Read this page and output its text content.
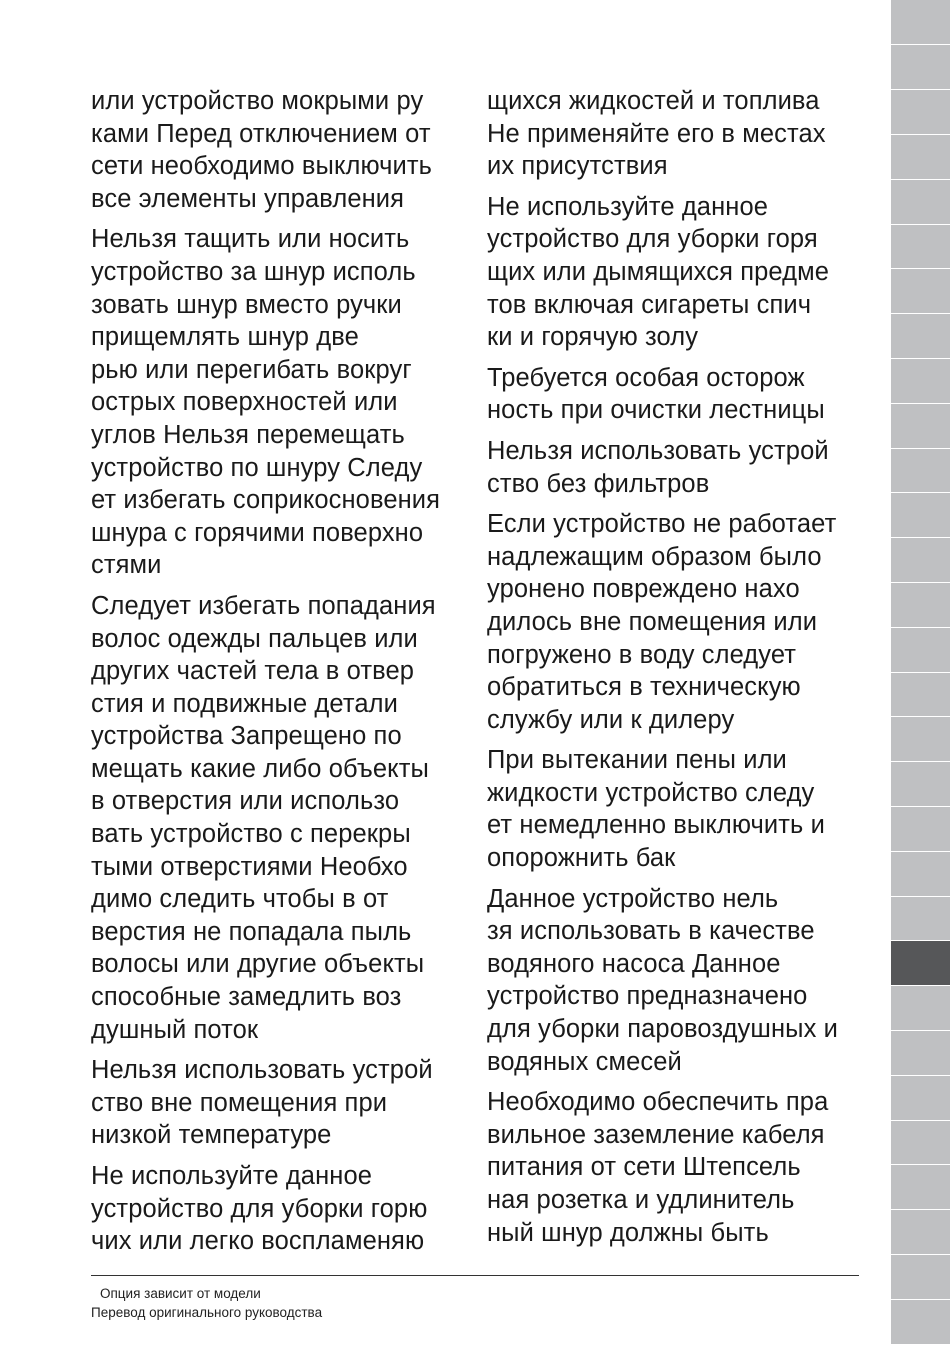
или устройство мокрыми ру
ками Перед отключением от
сети необходимо выключить
все элементы управления
Нельзя тащить или носить
устройство за шнур исполь
зовать шнур вместо ручки
прищемлять шнур две
рью или перегибать вокруг
острых поверхностей или
углов Нельзя перемещать
устройство по шнуру Следу
ет избегать соприкосновения
шнура с горячими поверхно
стями
Следует избегать попадания
волос одежды пальцев или
других частей тела в отвер
стия и подвижные детали
устройства Запрещено по
мещать какие либо объекты
в отверстия или использо
вать устройство с перекры
тыми отверстиями Необхо
димо следить чтобы в от
верстия не попадала пыль
волосы или другие объекты
способные замедлить воз
душный поток
Нельзя использовать устрой
ство вне помещения при
низкой температуре
Не используйте данное
устройство для уборки горю
чих или легко воспламеняю
щихся жидкостей и топлива
Не применяйте его в местах
их присутствия
Не используйте данное
устройство для уборки горя
щих или дымящихся предме
тов включая сигареты спич
ки и горячую золу
Требуется особая осторож
ность при очистки лестницы
Нельзя использовать устрой
ство без фильтров
Если устройство не работает
надлежащим образом было
уронено повреждено нахо
дилось вне помещения или
погружено в воду следует
обратиться в техническую
службу или к дилеру
При вытекании пены или
жидкости устройство следу
ет немедленно выключить и
опорожнить бак
Данное устройство нель
зя использовать в качестве
водяного насоса Данное
устройство предназначено
для уборки паровоздушных и
водяных смесей
Необходимо обеспечить пра
вильное заземление кабеля
питания от сети Штепсель
ная розетка и удлинитель
ный шнур должны быть
Опция зависит от модели
Перевод оригинального руководства
